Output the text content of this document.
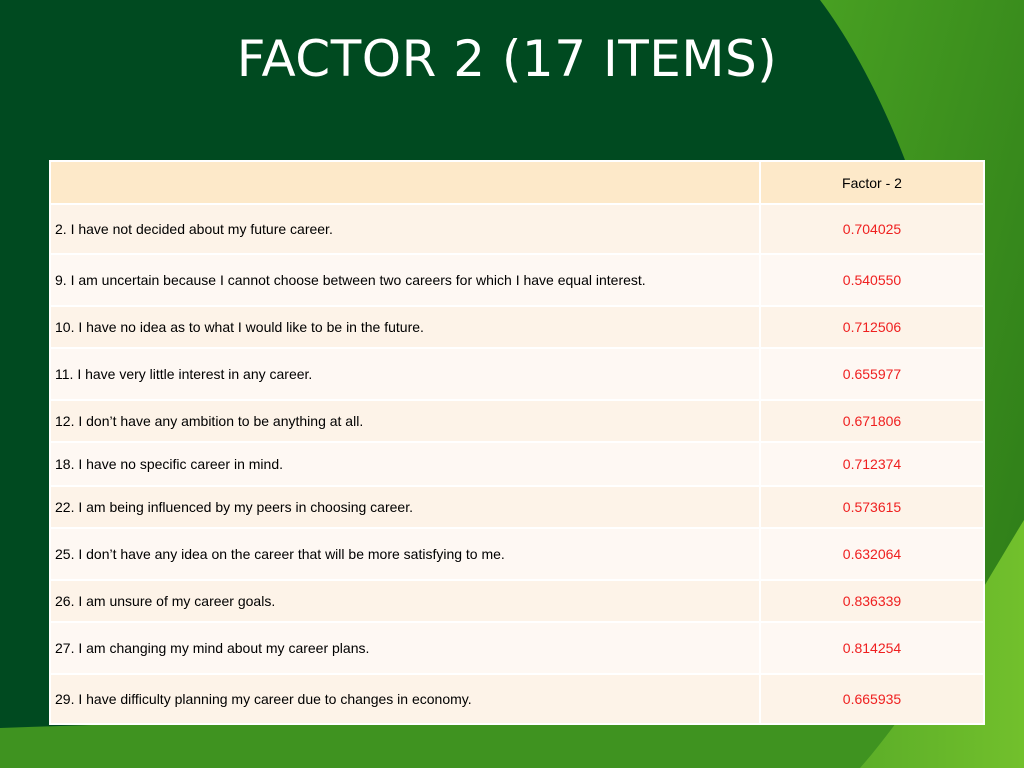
FACTOR 2 (17 ITEMS)
	Factor - 2
2. I have not decided about my future career.	0.704025
9. I am uncertain because I cannot choose between two careers for which I have equal interest.	0.540550
10. I have no idea as to what I would like to be in the future.	0.712506
11. I have very little interest in any career.	0.655977
12. I don’t have any ambition to be anything at all.	0.671806
18. I have no specific career in mind.	0.712374
22. I am being influenced by my peers in choosing career.	0.573615
25. I don’t have any idea on the career that will be more satisfying to me.	0.632064
26. I am unsure of my career goals.	0.836339
27. I am changing my mind about my career plans.	0.814254
29. I have difficulty planning my career due to changes in economy.	0.665935
